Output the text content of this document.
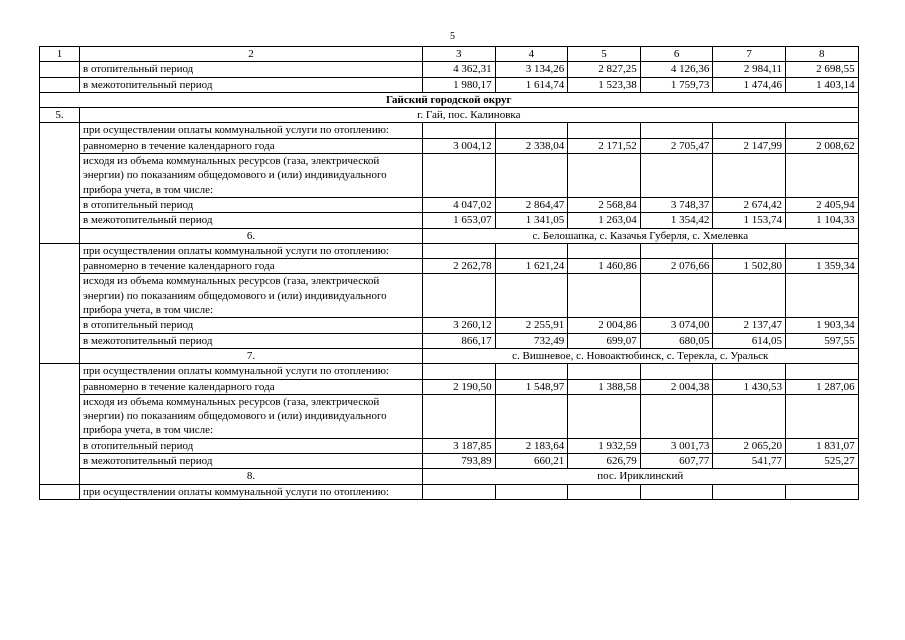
5
1	2	3	4	5	6	7	8
	в отопительный период	4 362,31	3 134,26	2 827,25	4 126,36	2 984,11	2 698,55
	в межотопительный период	1 980,17	1 614,74	1 523,38	1 759,73	1 474,46	1 403,14
Гайский городской округ							
5.	г. Гай, пос. Калиновка						
	при осуществлении оплаты коммунальной услуги по отоплению:						
	равномерно в течение календарного года	3 004,12	2 338,04	2 171,52	2 705,47	2 147,99	2 008,62
	исходя из объема коммунальных ресурсов (газа, электрической энергии) по показаниям общедомового и (или) индивидуального прибора учета, в том числе:						
	в отопительный период	4 047,02	2 864,47	2 568,84	3 748,37	2 674,42	2 405,94
	в межотопительный период	1 653,07	1 341,05	1 263,04	1 354,42	1 153,74	1 104,33
	6.	с. Белошапка, с. Казачья Губерля, с. Хмелевка					
	при осуществлении оплаты коммунальной услуги по отоплению:						
	равномерно в течение календарного года	2 262,78	1 621,24	1 460,86	2 076,66	1 502,80	1 359,34
	исходя из объема коммунальных ресурсов (газа, электрической энергии) по показаниям общедомового и (или) индивидуального прибора учета, в том числе:						
	в отопительный период	3 260,12	2 255,91	2 004,86	3 074,00	2 137,47	1 903,34
	в межотопительный период	866,17	732,49	699,07	680,05	614,05	597,55
	7.	с. Вишневое, с. Новоактюбинск, с. Терекла, с. Уральск					
	при осуществлении оплаты коммунальной услуги по отоплению:						
	равномерно в течение календарного года	2 190,50	1 548,97	1 388,58	2 004,38	1 430,53	1 287,06
	исходя из объема коммунальных ресурсов (газа, электрической энергии) по показаниям общедомового и (или) индивидуального прибора учета, в том числе:						
	в отопительный период	3 187,85	2 183,64	1 932,59	3 001,73	2 065,20	1 831,07
	в межотопительный период	793,89	660,21	626,79	607,77	541,77	525,27
	8.	пос. Ириклинский					
	при осуществлении оплаты коммунальной услуги по отоплению:						
